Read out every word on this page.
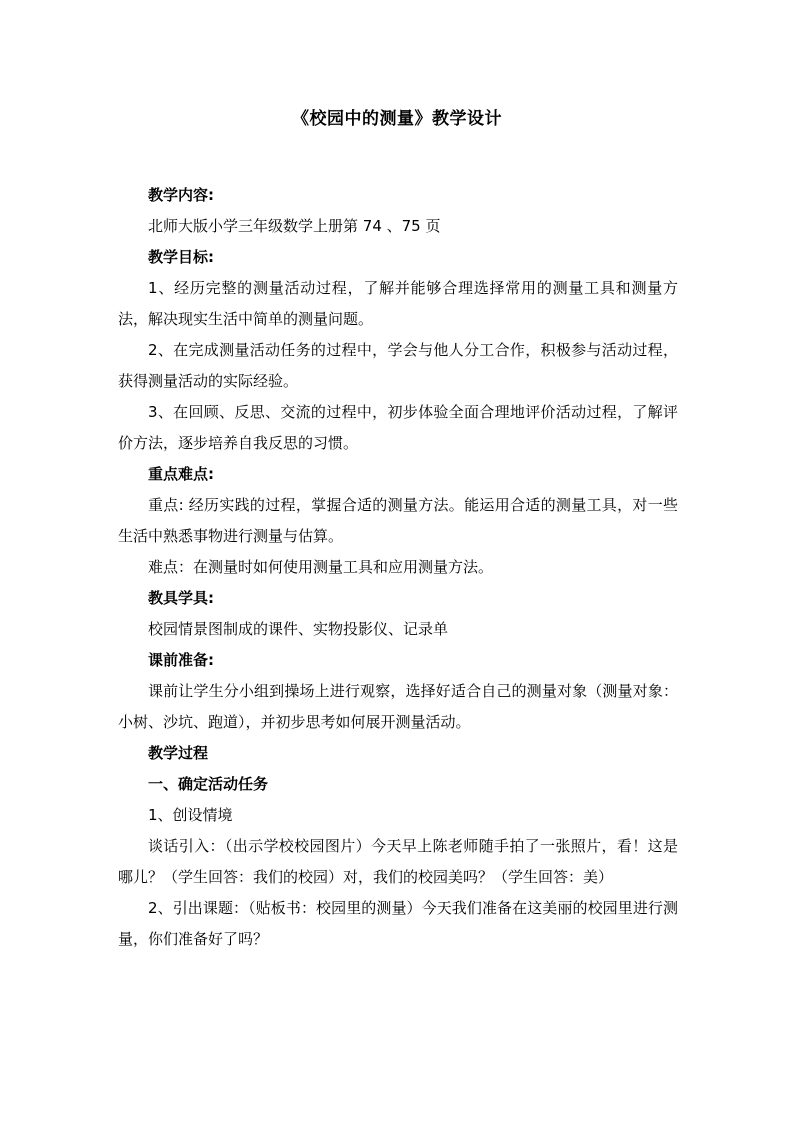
《校园中的测量》教学设计
教学内容:
北师大版小学三年级数学上册第 74 、75 页
教学目标:
1、经历完整的测量活动过程，了解并能够合理选择常用的测量工具和测量方法，解决现实生活中简单的测量问题。
2、在完成测量活动任务的过程中，学会与他人分工合作，积极参与活动过程，获得测量活动的实际经验。
3、在回顾、反思、交流的过程中，初步体验全面合理地评价活动过程，了解评价方法，逐步培养自我反思的习惯。
重点难点:
重点: 经历实践的过程，掌握合适的测量方法。能运用合适的测量工具，对一些生活中熟悉事物进行测量与估算。
难点：在测量时如何使用测量工具和应用测量方法。
教具学具:
校园情景图制成的课件、实物投影仪、记录单
课前准备:
课前让学生分小组到操场上进行观察，选择好适合自己的测量对象（测量对象：小树、沙坑、跑道），并初步思考如何展开测量活动。
教学过程
一、确定活动任务
1、创设情境
谈话引入：（出示学校校园图片）今天早上陈老师随手拍了一张照片，看！这是哪儿？（学生回答：我们的校园）对，我们的校园美吗？（学生回答：美）
2、引出课题：（贴板书：校园里的测量）今天我们准备在这美丽的校园里进行测量，你们准备好了吗？
